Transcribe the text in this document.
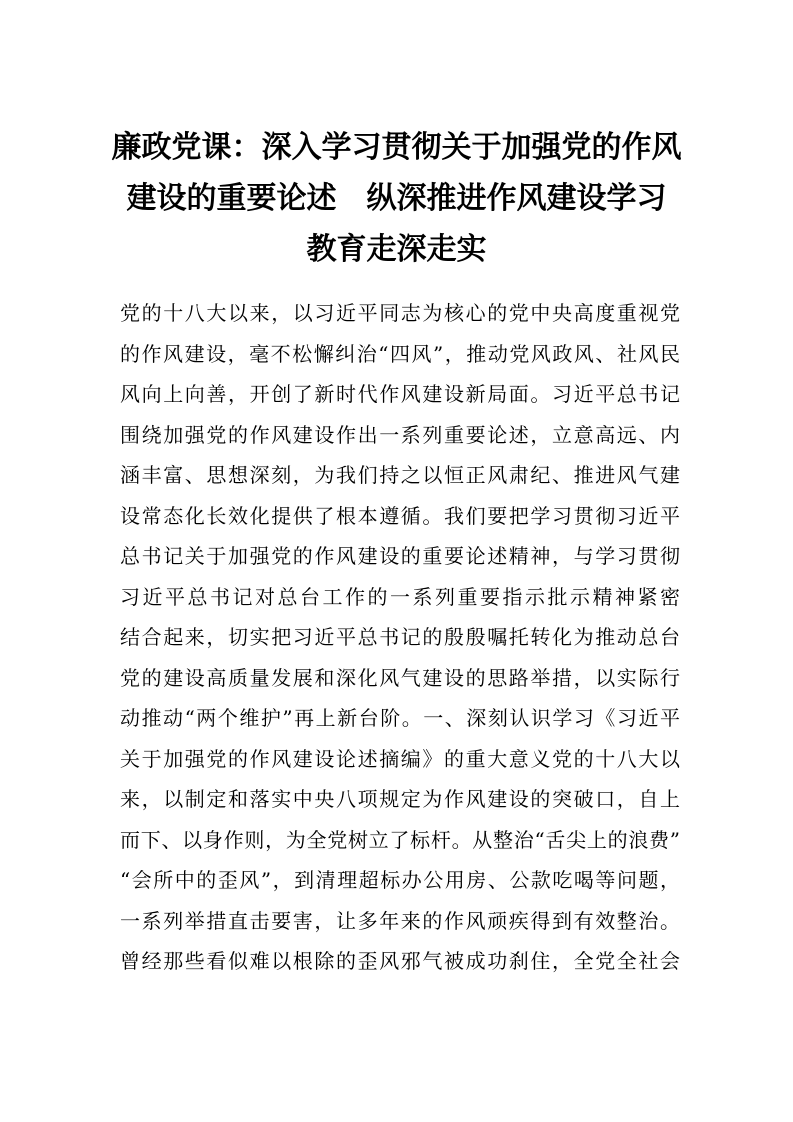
廉政党课：深入学习贯彻关于加强党的作风
建设的重要论述　纵深推进作风建设学习
教育走深走实
党的十八大以来，以习近平同志为核心的党中央高度重视党
的作风建设，毫不松懈纠治“四风”，推动党风政风、社风民
风向上向善，开创了新时代作风建设新局面。习近平总书记
围绕加强党的作风建设作出一系列重要论述，立意高远、内
涵丰富、思想深刻，为我们持之以恒正风肃纪、推进风气建
设常态化长效化提供了根本遵循。我们要把学习贯彻习近平
总书记关于加强党的作风建设的重要论述精神，与学习贯彻
习近平总书记对总台工作的一系列重要指示批示精神紧密
结合起来，切实把习近平总书记的殷殷嘱托转化为推动总台
党的建设高质量发展和深化风气建设的思路举措，以实际行
动推动“两个维护”再上新台阶。一、深刻认识学习《习近平
关于加强党的作风建设论述摘编》的重大意义党的十八大以
来，以制定和落实中央八项规定为作风建设的突破口，自上
而下、以身作则，为全党树立了标杆。从整治“舌尖上的浪费”
“会所中的歪风”，到清理超标办公用房、公款吃喝等问题，
一系列举措直击要害，让多年来的作风顽疾得到有效整治。
曾经那些看似难以根除的歪风邪气被成功刹住，全党全社会
